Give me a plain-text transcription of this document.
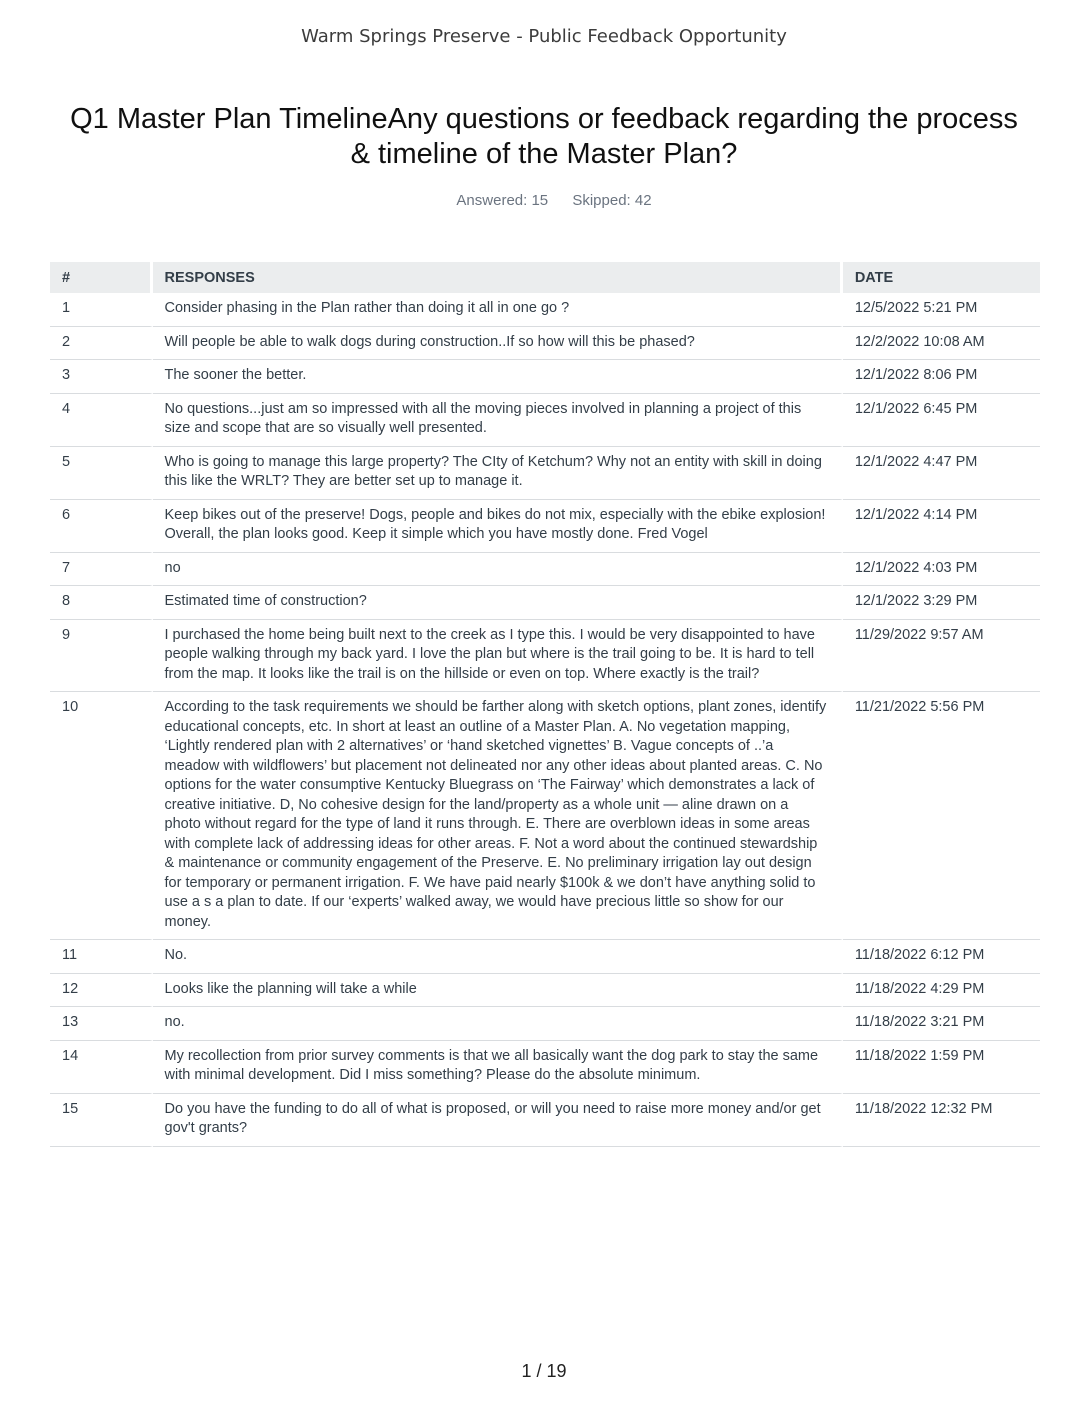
Warm Springs Preserve - Public Feedback Opportunity
Q1 Master Plan TimelineAny questions or feedback regarding the process & timeline of the Master Plan?
Answered: 15 Skipped: 42
#	RESPONSES	DATE
1	Consider phasing in the Plan rather than doing it all in one go ?	12/5/2022 5:21 PM
2	Will people be able to walk dogs during construction..If so how will this be phased?	12/2/2022 10:08 AM
3	The sooner the better.	12/1/2022 8:06 PM
4	No questions...just am so impressed with all the moving pieces involved in planning a project of this size and scope that are so visually well presented.	12/1/2022 6:45 PM
5	Who is going to manage this large property? The CIty of Ketchum? Why not an entity with skill in doing this like the WRLT? They are better set up to manage it.	12/1/2022 4:47 PM
6	Keep bikes out of the preserve! Dogs, people and bikes do not mix, especially with the ebike explosion! Overall, the plan looks good. Keep it simple which you have mostly done. Fred Vogel	12/1/2022 4:14 PM
7	no	12/1/2022 4:03 PM
8	Estimated time of construction?	12/1/2022 3:29 PM
9	I purchased the home being built next to the creek as I type this. I would be very disappointed to have people walking through my back yard. I love the plan but where is the trail going to be. It is hard to tell from the map. It looks like the trail is on the hillside or even on top. Where exactly is the trail?	11/29/2022 9:57 AM
10	According to the task requirements we should be farther along with sketch options, plant zones, identify educational concepts, etc. In short at least an outline of a Master Plan. A. No vegetation mapping, ‘Lightly rendered plan with 2 alternatives’ or ‘hand sketched vignettes’ B. Vague concepts of ..’a meadow with wildflowers’ but placement not delineated nor any other ideas about planted areas. C. No options for the water consumptive Kentucky Bluegrass on ‘The Fairway’ which demonstrates a lack of creative initiative. D, No cohesive design for the land/property as a whole unit — aline drawn on a photo without regard for the type of land it runs through. E. There are overblown ideas in some areas with complete lack of addressing ideas for other areas. F. Not a word about the continued stewardship & maintenance or community engagement of the Preserve. E. No preliminary irrigation lay out design for temporary or permanent irrigation. F. We have paid nearly $100k & we don’t have anything solid to use a s a plan to date. If our ‘experts’ walked away, we would have precious little so show for our money.	11/21/2022 5:56 PM
11	No.	11/18/2022 6:12 PM
12	Looks like the planning will take a while	11/18/2022 4:29 PM
13	no.	11/18/2022 3:21 PM
14	My recollection from prior survey comments is that we all basically want the dog park to stay the same with minimal development. Did I miss something? Please do the absolute minimum.	11/18/2022 1:59 PM
15	Do you have the funding to do all of what is proposed, or will you need to raise more money and/or get gov't grants?	11/18/2022 12:32 PM
1 / 19
